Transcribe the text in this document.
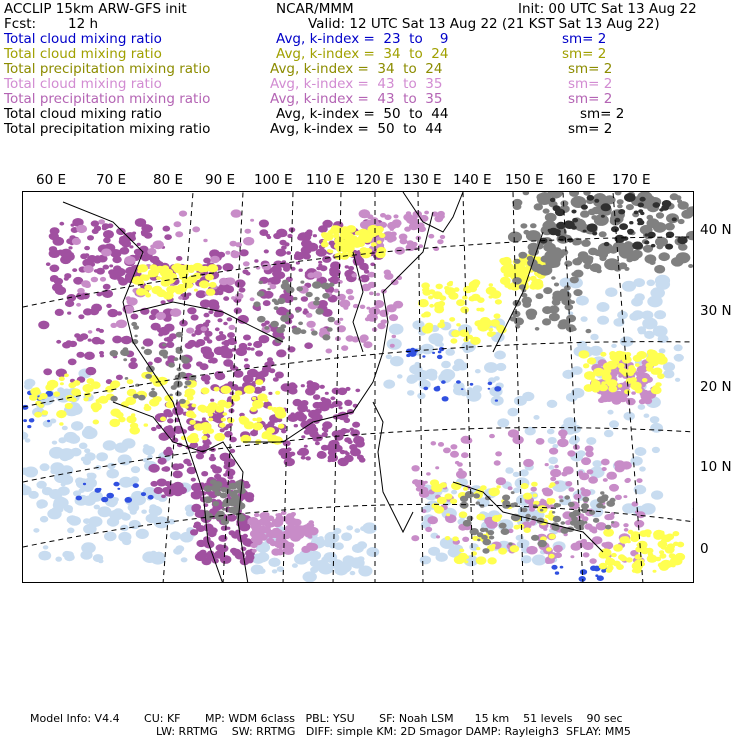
ACCLIP 15km ARW-GFS init	NCAR/MMM	Init: 00 UTC Sat 13 Aug 22
Fcst: 12 h	Valid: 12 UTC Sat 13 Aug 22 (21 KST Sat 13 Aug 22)
Total cloud mixing ratio	Avg, k-index =  23  to    9	sm= 2
Total cloud mixing ratio	Avg, k-index =  34  to  24	sm= 2
Total precipitation mixing ratio	Avg, k-index =  34  to  24	sm= 2
Total cloud mixing ratio	Avg, k-index =  43  to  35	sm= 2
Total precipitation mixing ratio	Avg, k-index =  43  to  35	sm= 2
Total cloud mixing ratio	Avg, k-index =  50  to  44	sm= 2
Total precipitation mixing ratio	Avg, k-index =  50  to  44	sm= 2
60 E 70 E 80 E 90 E 100 E 110 E 120 E 130 E 140 E 150 E 160 E 170 E
40 N
30 N
20 N
10 N
0
Model Info: V4.4       CU: KF       MP: WDM 6class   PBL: YSU       SF: Noah LSM      15 km    51 levels    90 sec
LW: RRTMG    SW: RRTMG   DIFF: simple KM: 2D Smagor DAMP: Rayleigh3  SFLAY: MM5
